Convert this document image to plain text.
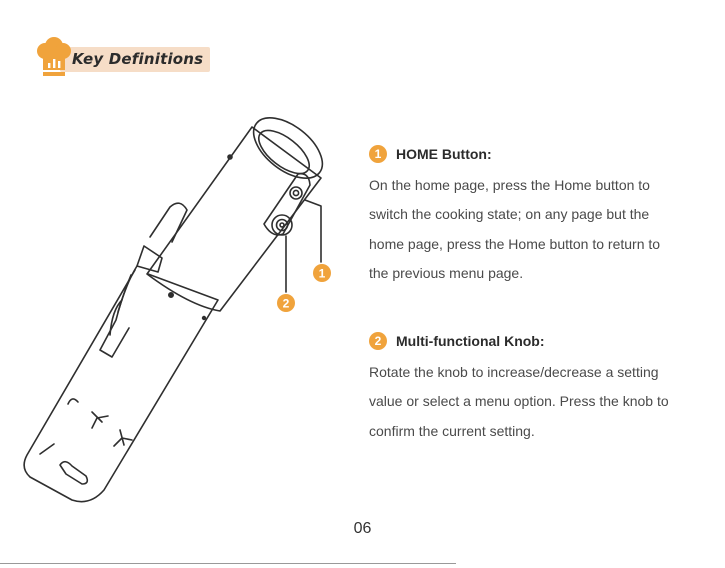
Key Definitions
1
2
1	HOME Button:
On the home page, press the Home button to
switch the cooking state; on any page but the
home page, press the Home button to return to
the previous menu page.
2	Multi-functional Knob:
Rotate the knob to increase/decrease a setting
value or select a menu option. Press the knob to
confirm the current setting.
06
